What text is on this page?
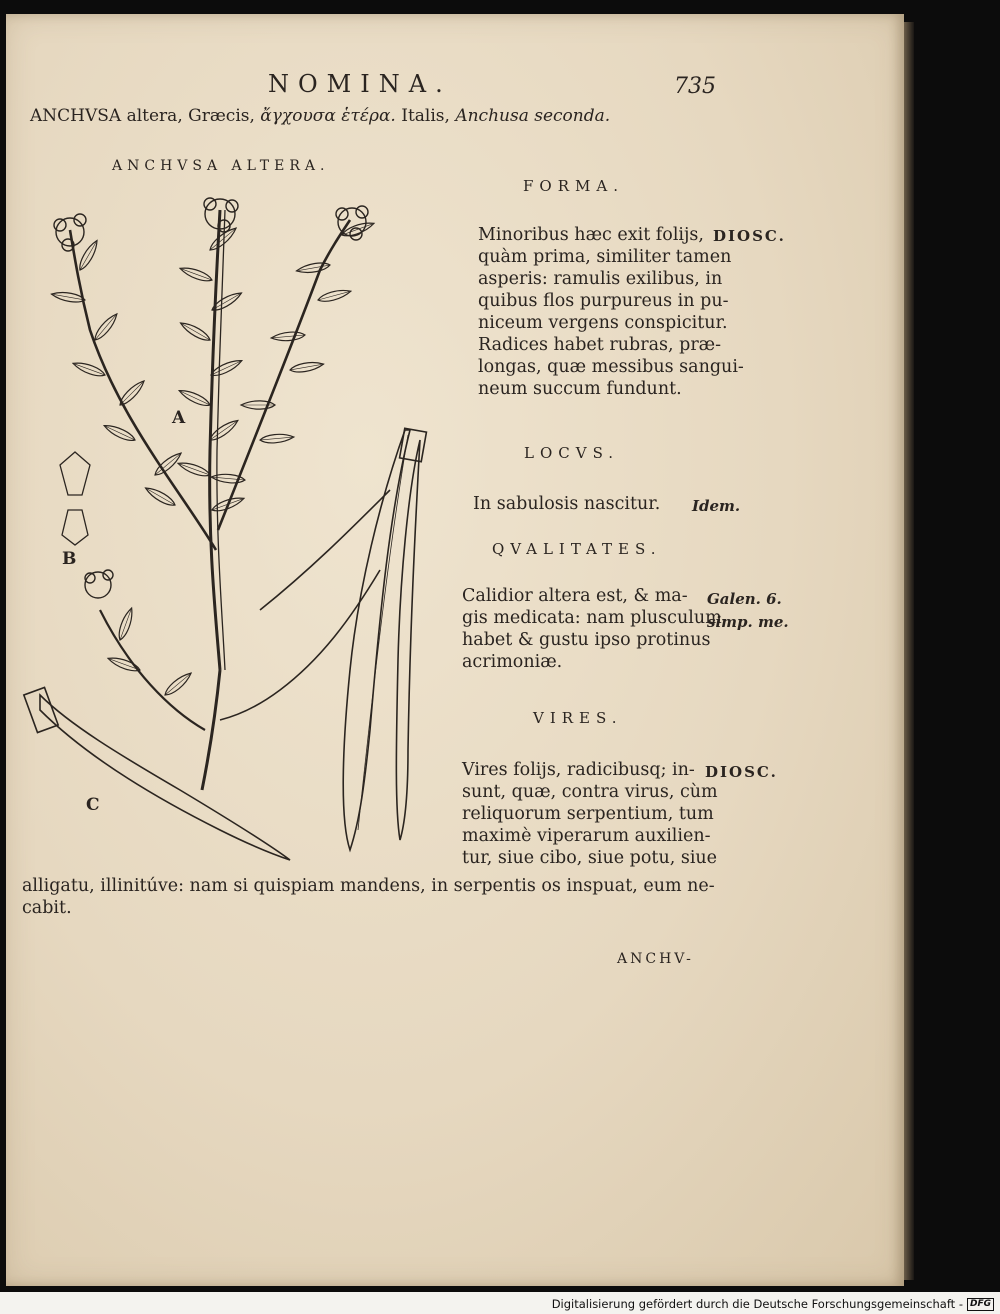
NOMINA.	735
ANCHVSA altera, Græcis, ἄγχουσα ἑτέρα. Italis, Anchusa seconda.
ANCHVSA ALTERA.
A
B
C
FORMA.
Minoribus hæc exit folijs,
quàm prima, similiter tamen
asperis: ramulis exilibus, in
quibus flos purpureus in pu-
niceum vergens conspicitur.
Radices habet rubras, præ-
longas, quæ messibus sangui-
neum succum fundunt.
DIOSC.
LOCVS.
In sabulosis nascitur. Idem.
QVALITATES.
Calidior altera est, & ma-
gis medicata: nam plusculum
habet & gustu ipso protinus
acrimoniæ.
Galen. 6.
simp. me.
VIRES.
Vires folijs, radicibusq; in-
sunt, quæ, contra virus, cùm
reliquorum serpentium, tum
maximè viperarum auxilien-
tur, siue cibo, siue potu, siue
DIOSC.
alligatu, illinitúve: nam si quispiam mandens, in serpentis os inspuat, eum ne-
cabit.
ANCHV-
Digitalisierung gefördert durch die Deutsche Forschungsgemeinschaft - DFG
